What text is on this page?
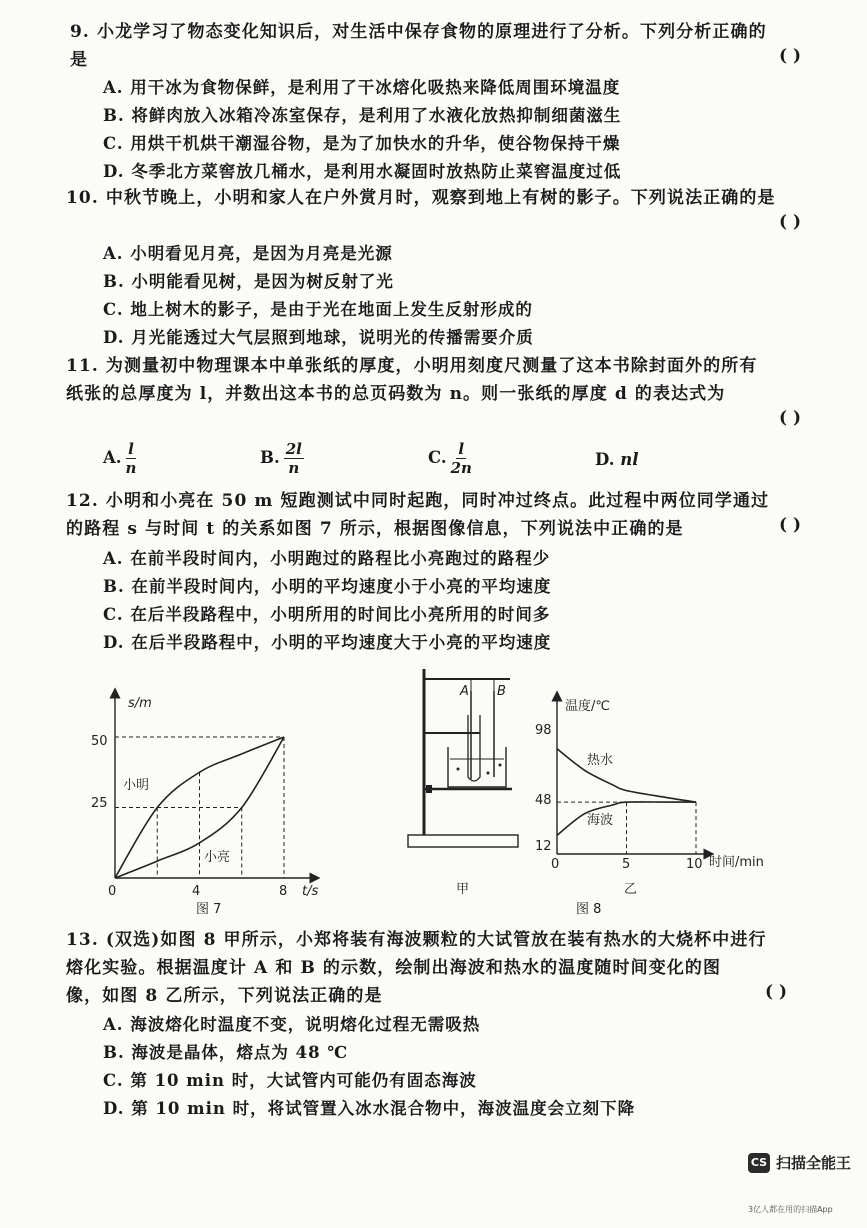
9. 小龙学习了物态变化知识后，对生活中保存食物的原理进行了分析。下列分析正确的
是	( )
A. 用干冰为食物保鲜，是利用了干冰熔化吸热来降低周围环境温度
B. 将鲜肉放入冰箱冷冻室保存，是利用了水液化放热抑制细菌滋生
C. 用烘干机烘干潮湿谷物，是为了加快水的升华，使谷物保持干燥
D. 冬季北方菜窖放几桶水，是利用水凝固时放热防止菜窖温度过低
10. 中秋节晚上，小明和家人在户外赏月时，观察到地上有树的影子。下列说法正确的是
( )
A. 小明看见月亮，是因为月亮是光源
B. 小明能看见树，是因为树反射了光
C. 地上树木的影子，是由于光在地面上发生反射形成的
D. 月光能透过大气层照到地球，说明光的传播需要介质
11. 为测量初中物理课本中单张纸的厚度，小明用刻度尺测量了这本书除封面外的所有
纸张的总厚度为 l，并数出这本书的总页码数为 n。则一张纸的厚度 d 的表达式为
( )
A. $\frac{l}{n}$	B. $\frac{2l}{n}$	C. $\frac{l}{2n}$	D. nl
12. 小明和小亮在 50 m 短跑测试中同时起跑，同时冲过终点。此过程中两位同学通过
的路程 s 与时间 t 的关系如图 7 所示，根据图像信息，下列说法中正确的是	( )
A. 在前半段时间内，小明跑过的路程比小亮跑过的路程少
B. 在前半段时间内，小明的平均速度小于小亮的平均速度
C. 在后半段路程中，小明所用的时间比小亮所用的时间多
D. 在后半段路程中，小明的平均速度大于小亮的平均速度
s/m
t/s
50
25
0	4	8
小明
小亮
图 7
A B
甲
温度/℃
时间/min
98
48
12
0	5	10
热水
海波
乙
图 8
13. (双选)如图 8 甲所示，小郑将装有海波颗粒的大试管放在装有热水的大烧杯中进行
熔化实验。根据温度计 A 和 B 的示数，绘制出海波和热水的温度随时间变化的图
像，如图 8 乙所示，下列说法正确的是	( )
A. 海波熔化时温度不变，说明熔化过程无需吸热
B. 海波是晶体，熔点为 48 ℃
C. 第 10 min 时，大试管内可能仍有固态海波
D. 第 10 min 时，将试管置入冰水混合物中，海波温度会立刻下降
CS 扫描全能王
3亿人都在用的扫描App
